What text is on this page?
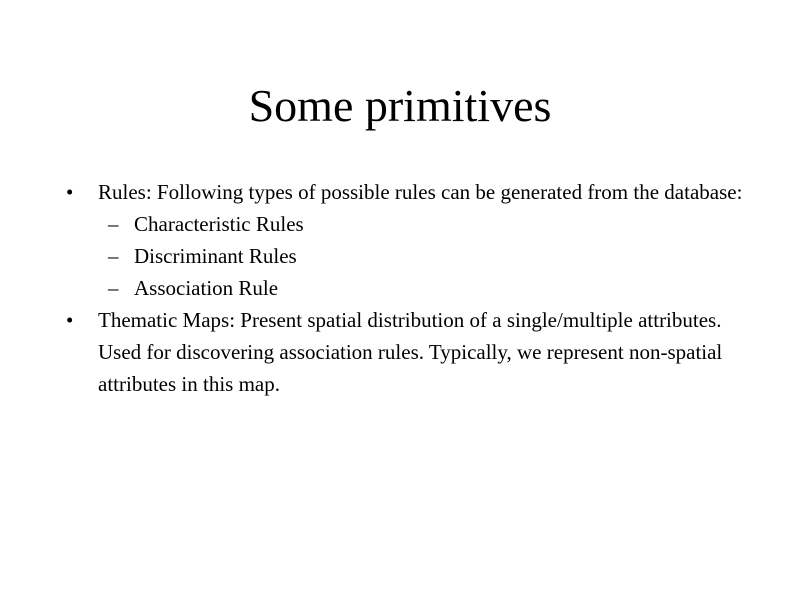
Some primitives
•	Rules: Following types of possible rules can be generated from the database:
– Characteristic Rules
– Discriminant Rules
– Association Rule
•	Thematic Maps: Present spatial distribution of a single/multiple attributes. Used for discovering association rules. Typically, we represent non-spatial attributes in this map.
